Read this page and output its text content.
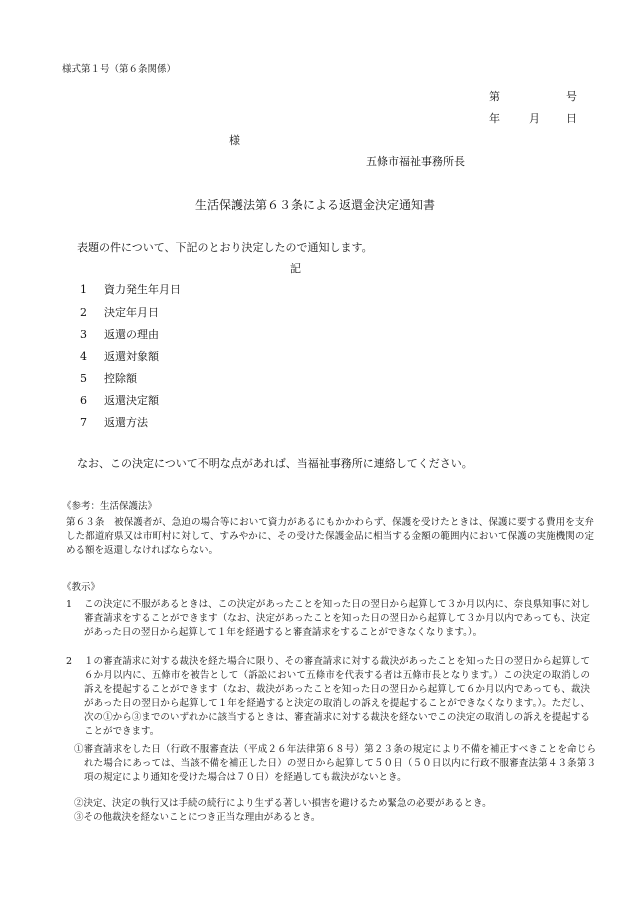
様式第１号（第６条関係）
第	号
年	月 日
様
五條市福祉事務所長
生活保護法第６３条による返還金決定通知書
表題の件について、下記のとおり決定したので通知します。
記
1 資力発生年月日
2 決定年月日
3 返還の理由
4 返還対象額
5 控除額
6 返還決定額
7 返還方法
なお、この決定について不明な点があれば、当福祉事務所に連絡してください。
《参考：生活保護法》
第６３条　被保護者が、急迫の場合等において資力があるにもかかわらず、保護を受けたときは、保護に要する費用を支弁した都道府県又は市町村に対して、すみやかに、その受けた保護金品に相当する金額の範囲内において保護の実施機関の定める額を返還しなければならない。
《教示》
1 この決定に不服があるときは、この決定があったことを知った日の翌日から起算して３か月以内に、奈良県知事に対し審査請求をすることができます（なお、決定があったことを知った日の翌日から起算して３か月以内であっても、決定があった日の翌日から起算して１年を経過すると審査請求をすることができなくなります。）。
2 １の審査請求に対する裁決を経た場合に限り、その審査請求に対する裁決があったことを知った日の翌日から起算して６か月以内に、五條市を被告として（訴訟において五條市を代表する者は五條市長となります。）この決定の取消しの訴えを提起することができます（なお、裁決があったことを知った日の翌日から起算して６か月以内であっても、裁決があった日の翌日から起算して１年を経過すると決定の取消しの訴えを提起することができなくなります。）。ただし、次の①から③までのいずれかに該当するときは、審査請求に対する裁決を経ないでこの決定の取消しの訴えを提起することができます。
①審査請求をした日（行政不服審査法（平成２６年法律第６８号）第２３条の規定により不備を補正すべきことを命じられた場合にあっては、当該不備を補正した日）の翌日から起算して５０日（５０日以内に行政不服審査法第４３条第３項の規定により通知を受けた場合は７０日）を経過しても裁決がないとき。
②決定、決定の執行又は手続の続行により生ずる著しい損害を避けるため緊急の必要があるとき。
③その他裁決を経ないことにつき正当な理由があるとき。
